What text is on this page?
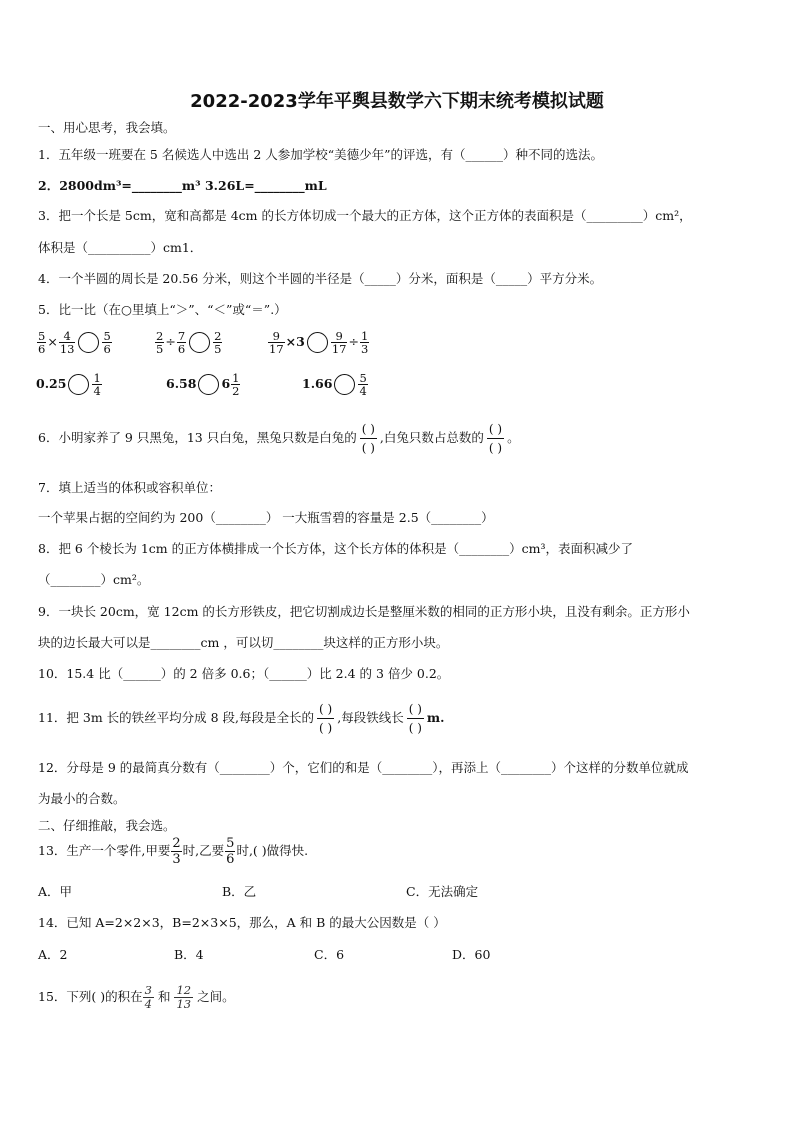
2022-2023学年平舆县数学六下期末统考模拟试题
一、用心思考，我会填。
1．五年级一班要在 5 名候选人中选出 2 人参加学校“美德少年”的评选，有（______）种不同的选法。
2．2800dm³=________m³ 3.26L=________mL
3．把一个长是 5cm，宽和高都是 4cm 的长方体切成一个最大的正方体，这个正方体的表面积是（_________）cm²，
体积是（__________）cm1．
4．一个半圆的周长是 20.56 分米，则这个半圆的半径是（_____）分米，面积是（_____）平方分米。
5．比一比（在○里填上“＞”、“＜”或“＝”.）
$\frac{5}{6} \times \frac{4}{13} \frac{5}{6}$	$\frac{2}{5} \div \frac{7}{6} \frac{2}{5}$	$\frac{9}{17} \times 3 \frac{9}{17} \div \frac{1}{3}$
$0.25 \frac{1}{4}$	6.58 $6 \frac{1}{2}$	$1.66 \frac{5}{4}$
6．小明家养了 9 只黑兔，13 只白兔，黑兔只数是白兔的
( )
( )
,白兔只数占总数的
( )
( )
。
7．填上适当的体积或容积单位：
一个苹果占据的空间约为 200（________） 一大瓶雪碧的容量是 2.5（________）
8．把 6 个棱长为 1cm 的正方体横排成一个长方体，这个长方体的体积是（________）cm³，表面积减少了
（________）cm²。
9．一块长 20cm，宽 12cm 的长方形铁皮，把它切割成边长是整厘米数的相同的正方形小块，且没有剩余。正方形小
块的边长最大可以是________cm ，可以切________块这样的正方形小块。
10．15.4 比（______）的 2 倍多 0.6；（______）比 2.4 的 3 倍少 0.2。
11．把 3m 长的铁丝平均分成 8 段,每段是全长的
( )
( )
,每段铁线长
( )
( )
m.
12．分母是 9 的最简真分数有（________）个，它们的和是（________），再添上（________）个这样的分数单位就成
为最小的合数。
二、仔细推敲，我会选。
13．生产一个零件,甲要 $\frac{2}{3}$ 时,乙要 $\frac{5}{6}$ 时,( )做得快.
A．甲	B．乙	C．无法确定
14．已知 A=2×2×3，B=2×3×5，那么，A 和 B 的最大公因数是（ ）
A．2	B．4	C．6	D．60
15．下列( )的积在 $\frac{3}{4}$ 和 $\frac{12}{13}$ 之间。
